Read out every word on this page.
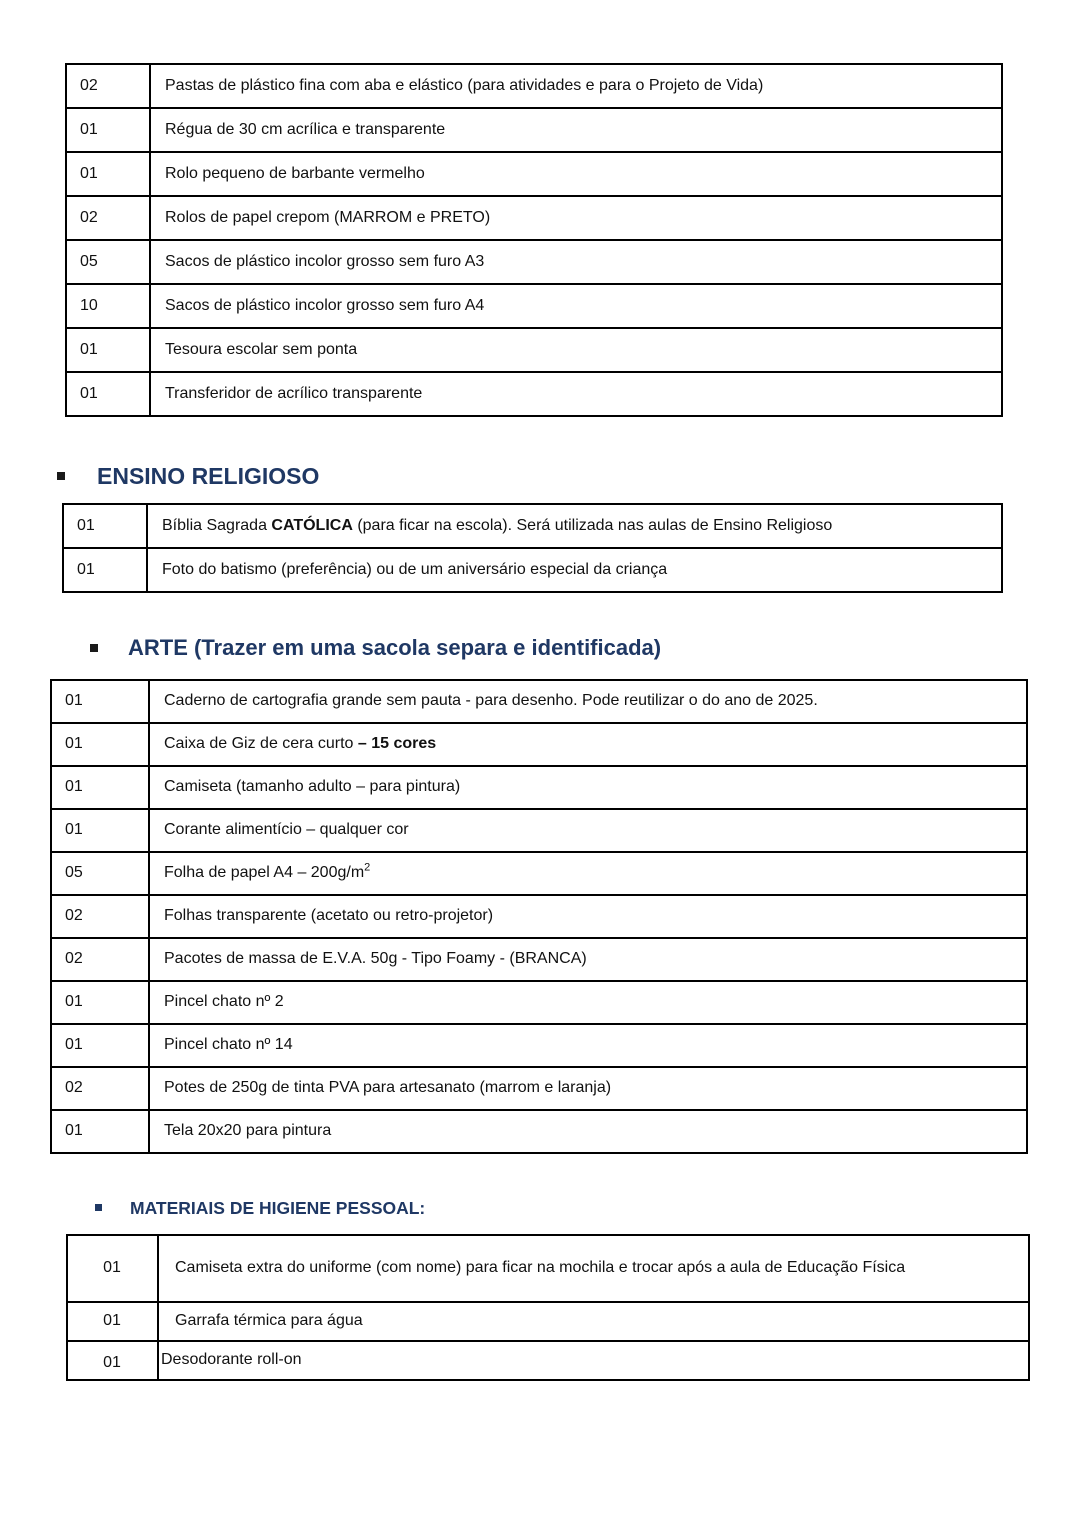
02	Pastas de plástico fina com aba e elástico (para atividades e para o Projeto de Vida)
01	Régua de 30 cm acrílica e transparente
01	Rolo pequeno de barbante vermelho
02	Rolos de papel crepom (MARROM e PRETO)
05	Sacos de plástico incolor grosso sem furo A3
10	Sacos de plástico incolor grosso sem furo A4
01	Tesoura escolar sem ponta
01	Transferidor de acrílico transparente
ENSINO RELIGIOSO
01	Bíblia Sagrada CATÓLICA (para ficar na escola). Será utilizada nas aulas de Ensino Religioso
01	Foto do batismo (preferência) ou de um aniversário especial da criança
ARTE (Trazer em uma sacola separa e identificada)
01	Caderno de cartografia grande sem pauta - para desenho. Pode reutilizar o do ano de 2025.
01	Caixa de Giz de cera curto – 15 cores
01	Camiseta (tamanho adulto – para pintura)
01	Corante alimentício – qualquer cor
05	Folha de papel $A4 - 200g/m^2$
02	Folhas transparente (acetato ou retro-projetor)
02	Pacotes de massa de E.V.A. 50g - Tipo Foamy - (BRANCA)
01	Pincel chato nº 2
01	Pincel chato nº 14
02	Potes de 250g de tinta PVA para artesanato (marrom e laranja)
01	Tela 20x20 para pintura
MATERIAIS DE HIGIENE PESSOAL:
01	Camiseta extra do uniforme (com nome) para ficar na mochila e trocar após a aula de Educação Física
01	Garrafa térmica para água
01	Desodorante roll-on
